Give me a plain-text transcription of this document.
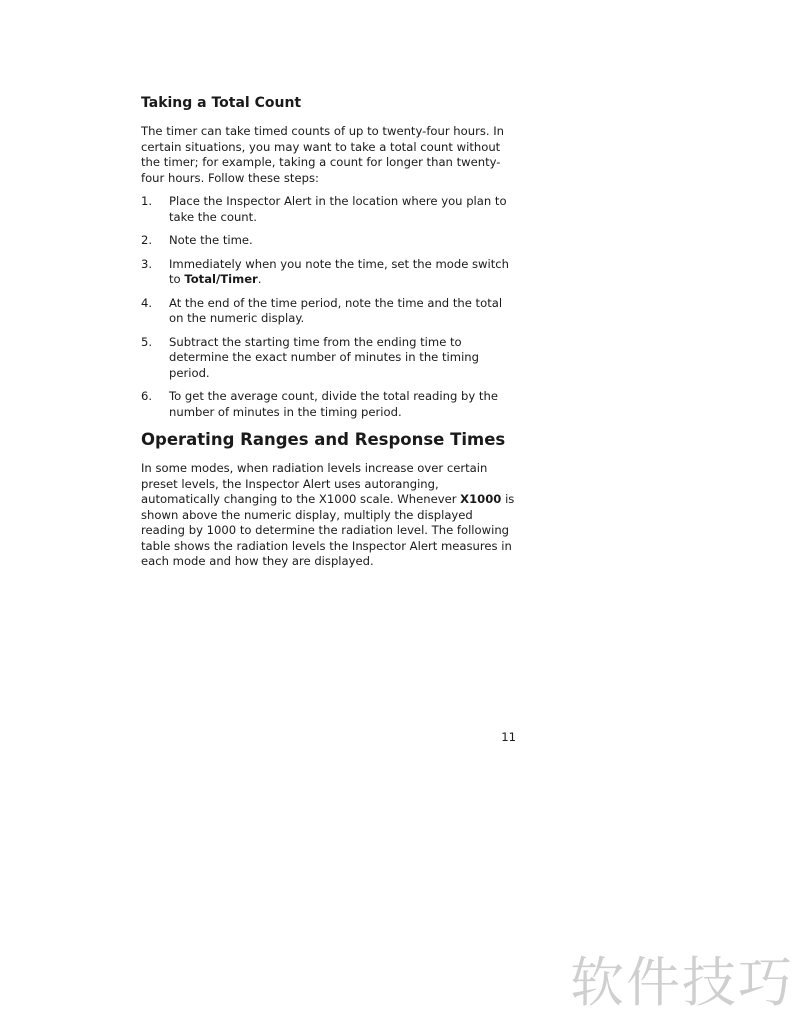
Taking a Total Count

The timer can take timed counts of up to twenty-four hours. In certain situations, you may want to take a total count without the timer; for example, taking a count for longer than twenty-four hours. Follow these steps:

1.	Place the Inspector Alert in the location where you plan to take the count.
2.	Note the time.
3.	Immediately when you note the time, set the mode switch to Total/Timer.
4.	At the end of the time period, note the time and the total on the numeric display.
5.	Subtract the starting time from the ending time to determine the exact number of minutes in the timing period.
6.	To get the average count, divide the total reading by the number of minutes in the timing period.
Operating Ranges and Response Times

In some modes, when radiation levels increase over certain preset levels, the Inspector Alert uses autoranging, automatically changing to the X1000 scale. Whenever X1000 is shown above the numeric display, multiply the displayed reading by 1000 to determine the radiation level. The following table shows the radiation levels the Inspector Alert measures in each mode and how they are displayed.

11
软件技巧
